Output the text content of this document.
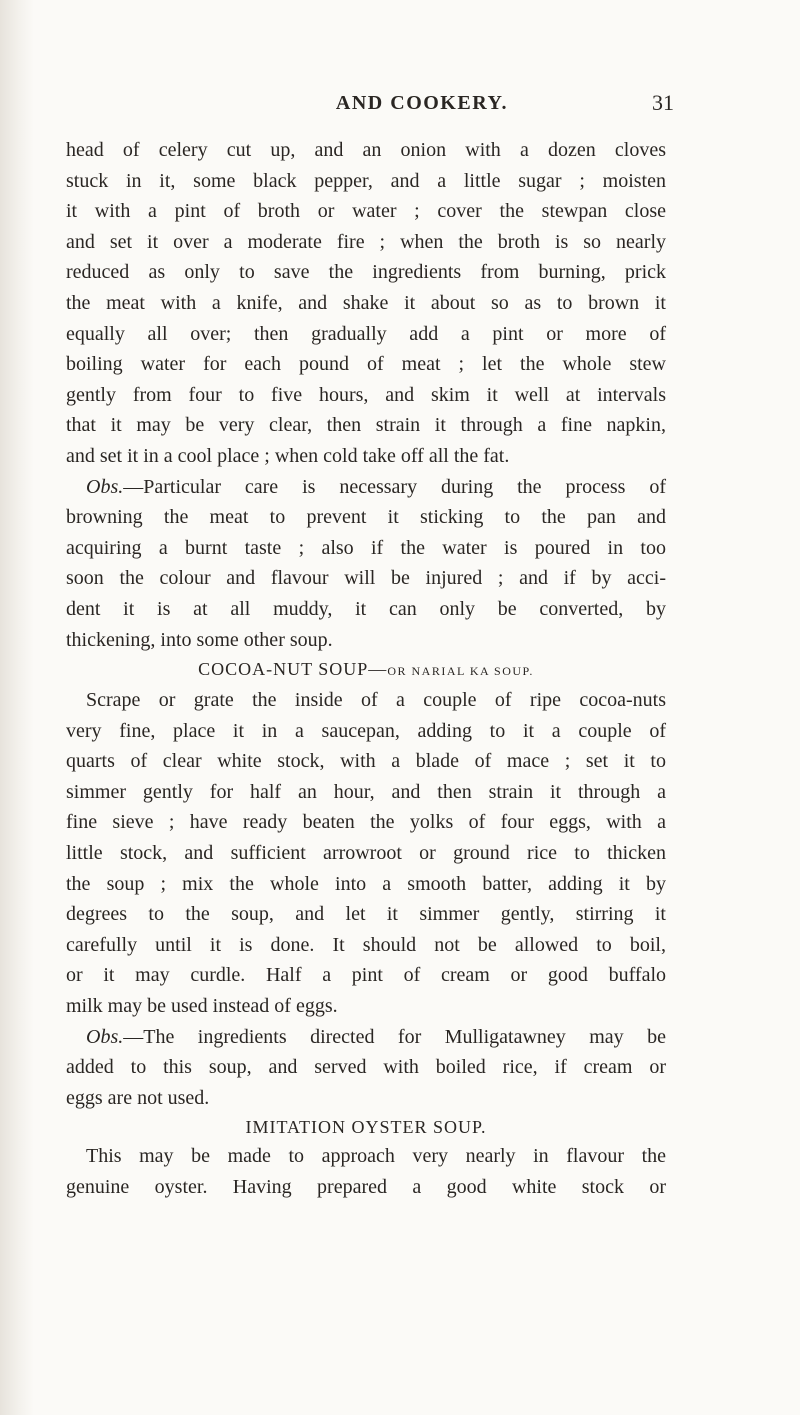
AND COOKERY.	31

head of celery cut up, and an onion with a dozen cloves
stuck in it, some black pepper, and a little sugar ; moisten
it with a pint of broth or water ; cover the stewpan close
and set it over a moderate fire ; when the broth is so nearly
reduced as only to save the ingredients from burning, prick
the meat with a knife, and shake it about so as to brown it
equally all over; then gradually add a pint or more of
boiling water for each pound of meat ; let the whole stew
gently from four to five hours, and skim it well at intervals
that it may be very clear, then strain it through a fine napkin,

and set it in a cool place ; when cold take off all the fat.

Obs.—Particular care is necessary during the process of
browning the meat to prevent it sticking to the pan and
acquiring a burnt taste ; also if the water is poured in too
soon the colour and flavour will be injured ; and if by acci-
dent it is at all muddy, it can only be converted, by

thickening, into some other soup.

COCOA-NUT SOUP—OR NARIAL KA SOUP.

Scrape or grate the inside of a couple of ripe cocoa-nuts
very fine, place it in a saucepan, adding to it a couple of
quarts of clear white stock, with a blade of mace ; set it to
simmer gently for half an hour, and then strain it through a
fine sieve ; have ready beaten the yolks of four eggs, with a
little stock, and sufficient arrowroot or ground rice to thicken
the soup ; mix the whole into a smooth batter, adding it by
degrees to the soup, and let it simmer gently, stirring it
carefully until it is done. It should not be allowed to boil,
or it may curdle. Half a pint of cream or good buffalo

milk may be used instead of eggs.

Obs.—The ingredients directed for Mulligatawney may be
added to this soup, and served with boiled rice, if cream or

eggs are not used.

IMITATION OYSTER SOUP.

This may be made to approach very nearly in flavour the
genuine oyster. Having prepared a good white stock or
